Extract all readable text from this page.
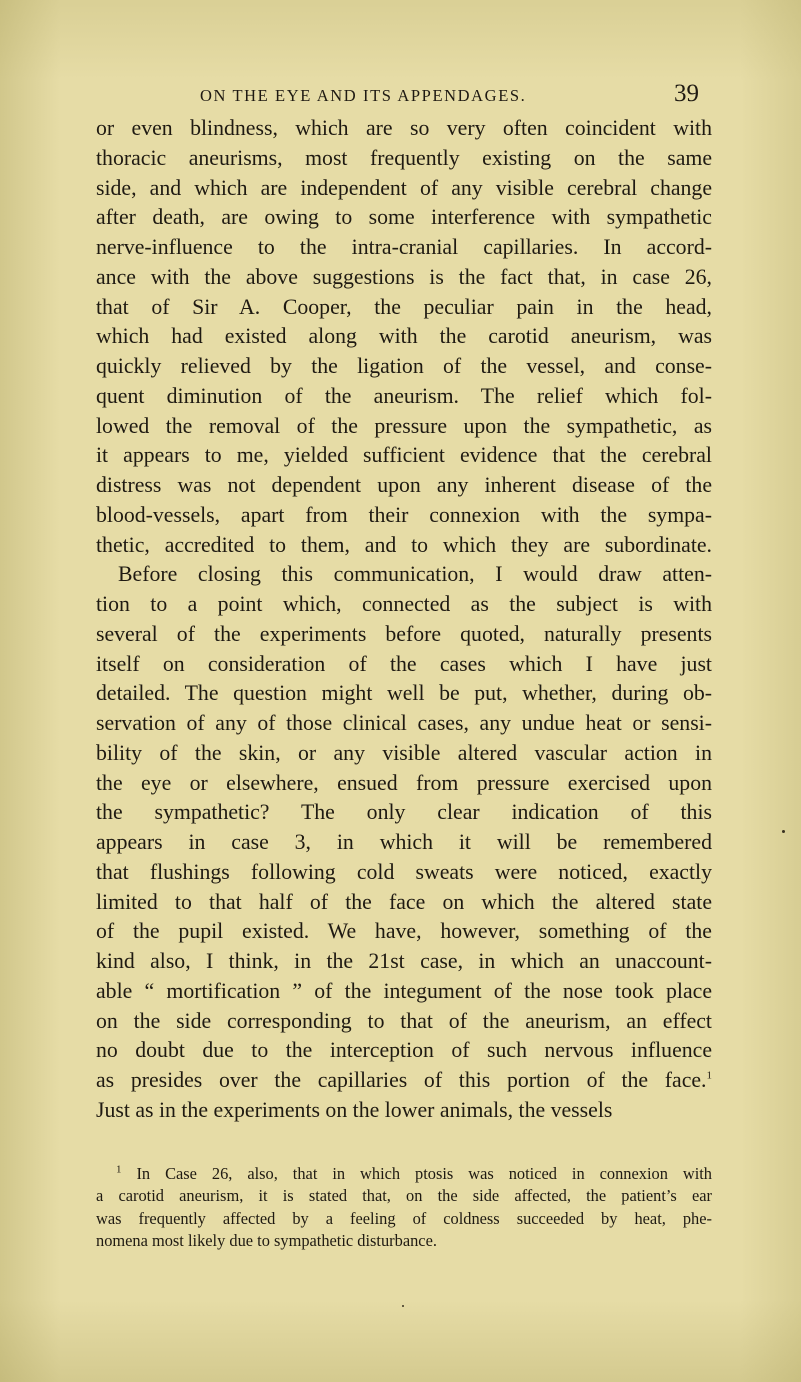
ON THE EYE AND ITS APPENDAGES.	39
or even blindness, which are so very often coincident with
thoracic aneurisms, most frequently existing on the same
side, and which are independent of any visible cerebral change
after death, are owing to some interference with sympathetic
nerve-influence to the intra-cranial capillaries. In accord-
ance with the above suggestions is the fact that, in case 26,
that of Sir A. Cooper, the peculiar pain in the head,
which had existed along with the carotid aneurism, was
quickly relieved by the ligation of the vessel, and conse-
quent diminution of the aneurism. The relief which fol-
lowed the removal of the pressure upon the sympathetic, as
it appears to me, yielded sufficient evidence that the cerebral
distress was not dependent upon any inherent disease of the
blood-vessels, apart from their connexion with the sympa-
thetic, accredited to them, and to which they are subordinate.
Before closing this communication, I would draw atten-
tion to a point which, connected as the subject is with
several of the experiments before quoted, naturally presents
itself on consideration of the cases which I have just
detailed. The question might well be put, whether, during ob-
servation of any of those clinical cases, any undue heat or sensi-
bility of the skin, or any visible altered vascular action in
the eye or elsewhere, ensued from pressure exercised upon
the sympathetic? The only clear indication of this
appears in case 3, in which it will be remembered
that flushings following cold sweats were noticed, exactly
limited to that half of the face on which the altered state
of the pupil existed. We have, however, something of the
kind also, I think, in the 21st case, in which an unaccount-
able “ mortification ” of the integument of the nose took place
on the side corresponding to that of the aneurism, an effect
no doubt due to the interception of such nervous influence
as presides over the capillaries of this portion of the face.$^1$
Just as in the experiments on the lower animals, the vessels
$^1$ In Case 26, also, that in which ptosis was noticed in connexion with
a carotid aneurism, it is stated that, on the side affected, the patient’s ear
was frequently affected by a feeling of coldness succeeded by heat, phe-
nomena most likely due to sympathetic disturbance.
